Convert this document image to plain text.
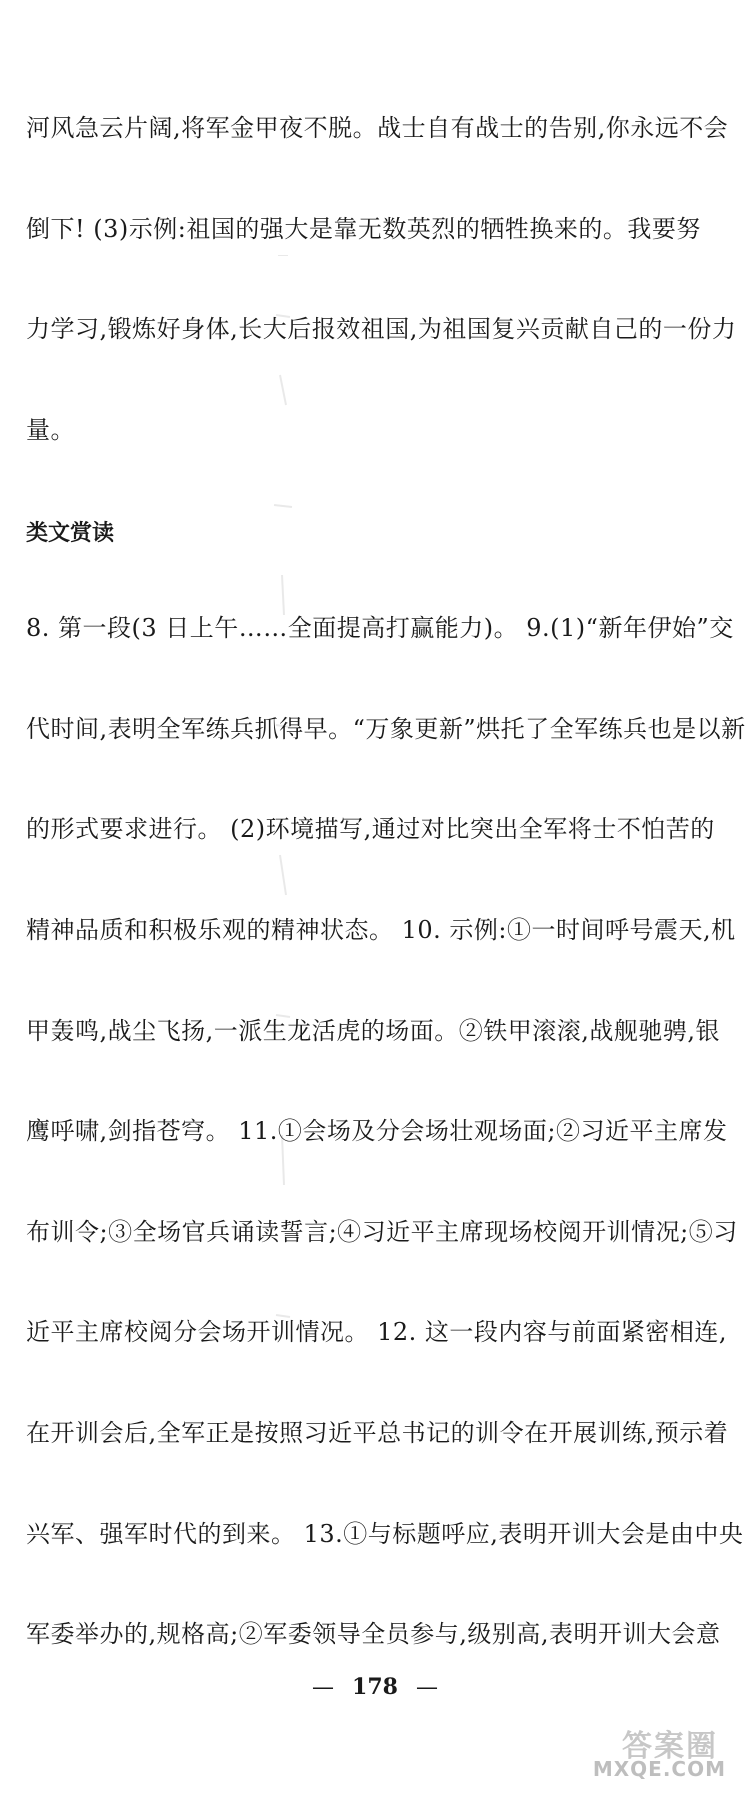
河风急云片阔,将军金甲夜不脱。战士自有战士的告别,你永远不会
倒下! (3)示例:祖国的强大是靠无数英烈的牺牲换来的。我要努
力学习,锻炼好身体,长大后报效祖国,为祖国复兴贡献自己的一份力
量。
类文赏读
8. 第一段(3 日上午……全面提高打赢能力)。 9.(1)“新年伊始”交
代时间,表明全军练兵抓得早。“万象更新”烘托了全军练兵也是以新
的形式要求进行。 (2)环境描写,通过对比突出全军将士不怕苦的
精神品质和积极乐观的精神状态。 10. 示例:①一时间呼号震天,机
甲轰鸣,战尘飞扬,一派生龙活虎的场面。②铁甲滚滚,战舰驰骋,银
鹰呼啸,剑指苍穹。 11.①会场及分会场壮观场面;②习近平主席发
布训令;③全场官兵诵读誓言;④习近平主席现场校阅开训情况;⑤习
近平主席校阅分会场开训情况。 12. 这一段内容与前面紧密相连,
在开训会后,全军正是按照习近平总书记的训令在开展训练,预示着
兴军、强军时代的到来。 13.①与标题呼应,表明开训大会是由中央
军委举办的,规格高;②军委领导全员参与,级别高,表明开训大会意
— 178 —
答案圈
MXQE.COM
